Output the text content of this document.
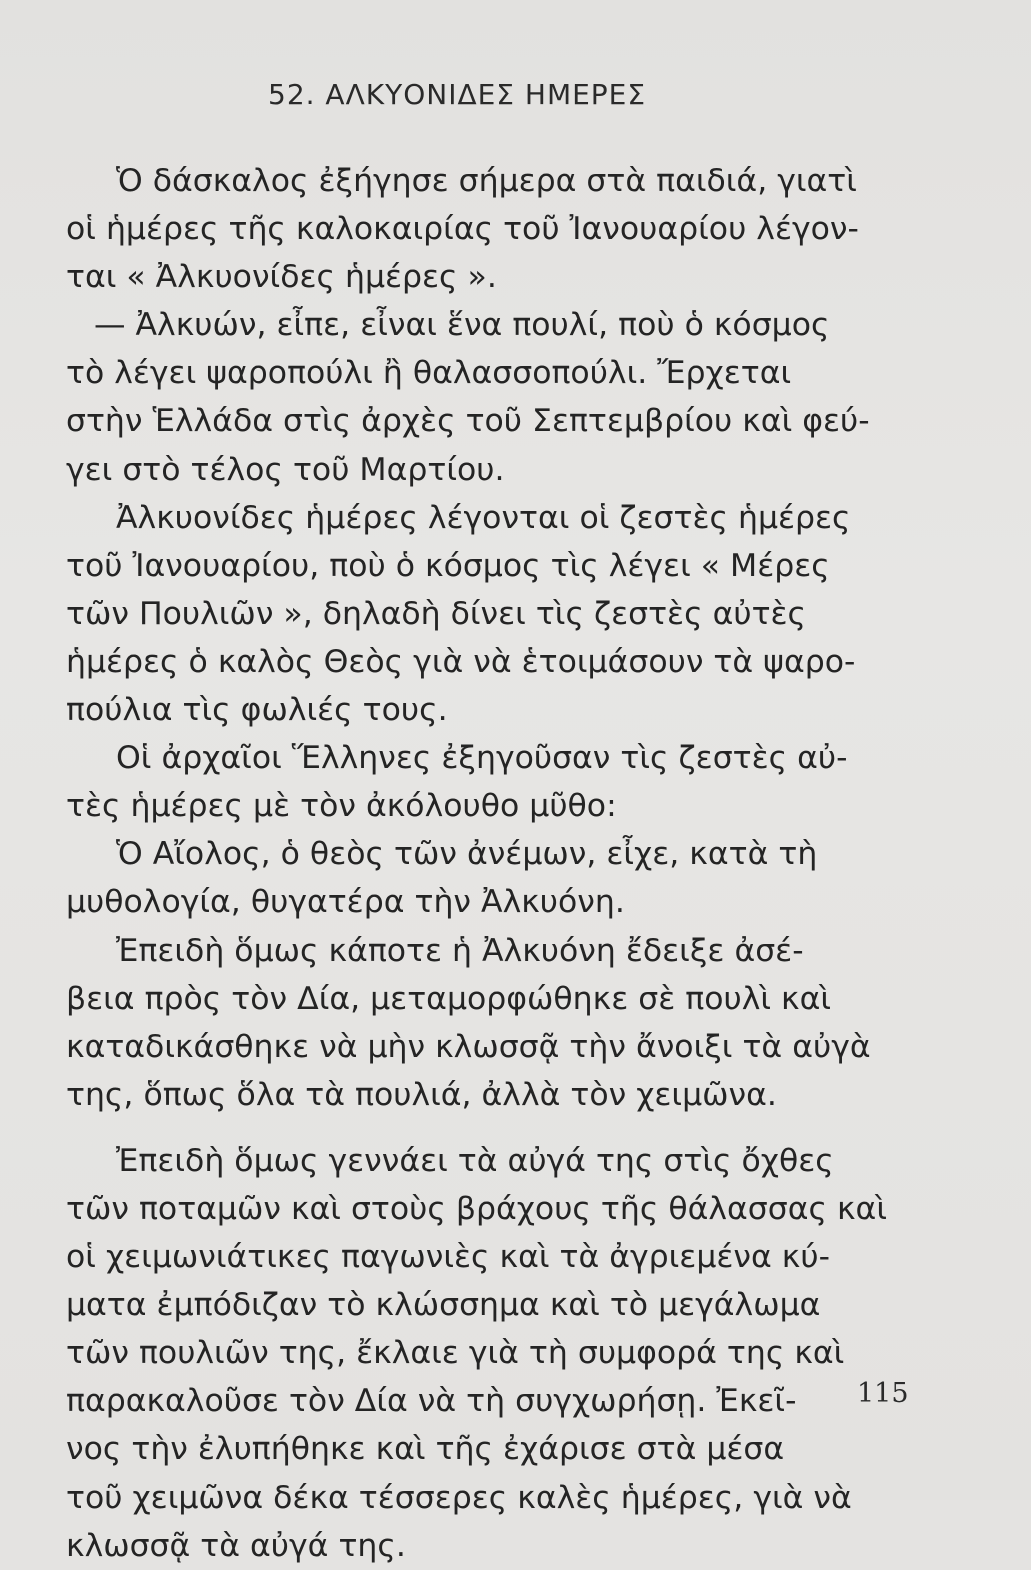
52. ΑΛΚΥΟΝΙΔΕΣ ΗΜΕΡΕΣ
Ὁ δάσκαλος ἐξήγησε σήμερα στὰ παιδιά, γιατὶ
οἱ ἡμέρες τῆς καλοκαιρίας τοῦ Ἰανουαρίου λέγον-
ται « Ἀλκυονίδες ἡμέρες ».
— Ἀλκυών, εἶπε, εἶναι ἕνα πουλί, ποὺ ὁ κόσμος
τὸ λέγει ψαροπούλι ἢ θαλασσοπούλι. Ἔρχεται
στὴν Ἑλλάδα στὶς ἀρχὲς τοῦ Σεπτεμβρίου καὶ φεύ-
γει στὸ τέλος τοῦ Μαρτίου.
Ἀλκυονίδες ἡμέρες λέγονται οἱ ζεστὲς ἡμέρες
τοῦ Ἰανουαρίου, ποὺ ὁ κόσμος τὶς λέγει « Μέρες
τῶν Πουλιῶν », δηλαδὴ δίνει τὶς ζεστὲς αὐτὲς
ἡμέρες ὁ καλὸς Θεὸς γιὰ νὰ ἑτοιμάσουν τὰ ψαρο-
πούλια τὶς φωλιές τους.
Οἱ ἀρχαῖοι Ἕλληνες ἐξηγοῦσαν τὶς ζεστὲς αὐ-
τὲς ἡμέρες μὲ τὸν ἀκόλουθο μῦθο:
Ὁ Αἴολος, ὁ θεὸς τῶν ἀνέμων, εἶχε, κατὰ τὴ
μυθολογία, θυγατέρα τὴν Ἀλκυόνη.
Ἐπειδὴ ὅμως κάποτε ἡ Ἀλκυόνη ἔδειξε ἀσέ-
βεια πρὸς τὸν Δία, μεταμορφώθηκε σὲ πουλὶ καὶ
καταδικάσθηκε νὰ μὴν κλωσσᾷ τὴν ἄνοιξι τὰ αὐγὰ
της, ὅπως ὅλα τὰ πουλιά, ἀλλὰ τὸν χειμῶνα.
Ἐπειδὴ ὅμως γεννάει τὰ αὐγά της στὶς ὄχθες
τῶν ποταμῶν καὶ στοὺς βράχους τῆς θάλασσας καὶ
οἱ χειμωνιάτικες παγωνιὲς καὶ τὰ ἀγριεμένα κύ-
ματα ἐμπόδιζαν τὸ κλώσσημα καὶ τὸ μεγάλωμα
τῶν πουλιῶν της, ἔκλαιε γιὰ τὴ συμφορά της καὶ
παρακαλοῦσε τὸν Δία νὰ τὴ συγχωρήσῃ. Ἐκεῖ-
νος τὴν ἐλυπήθηκε καὶ τῆς ἐχάρισε στὰ μέσα
τοῦ χειμῶνα δέκα τέσσερες καλὲς ἡμέρες, γιὰ νὰ
κλωσσᾷ τὰ αὐγά της.
115
